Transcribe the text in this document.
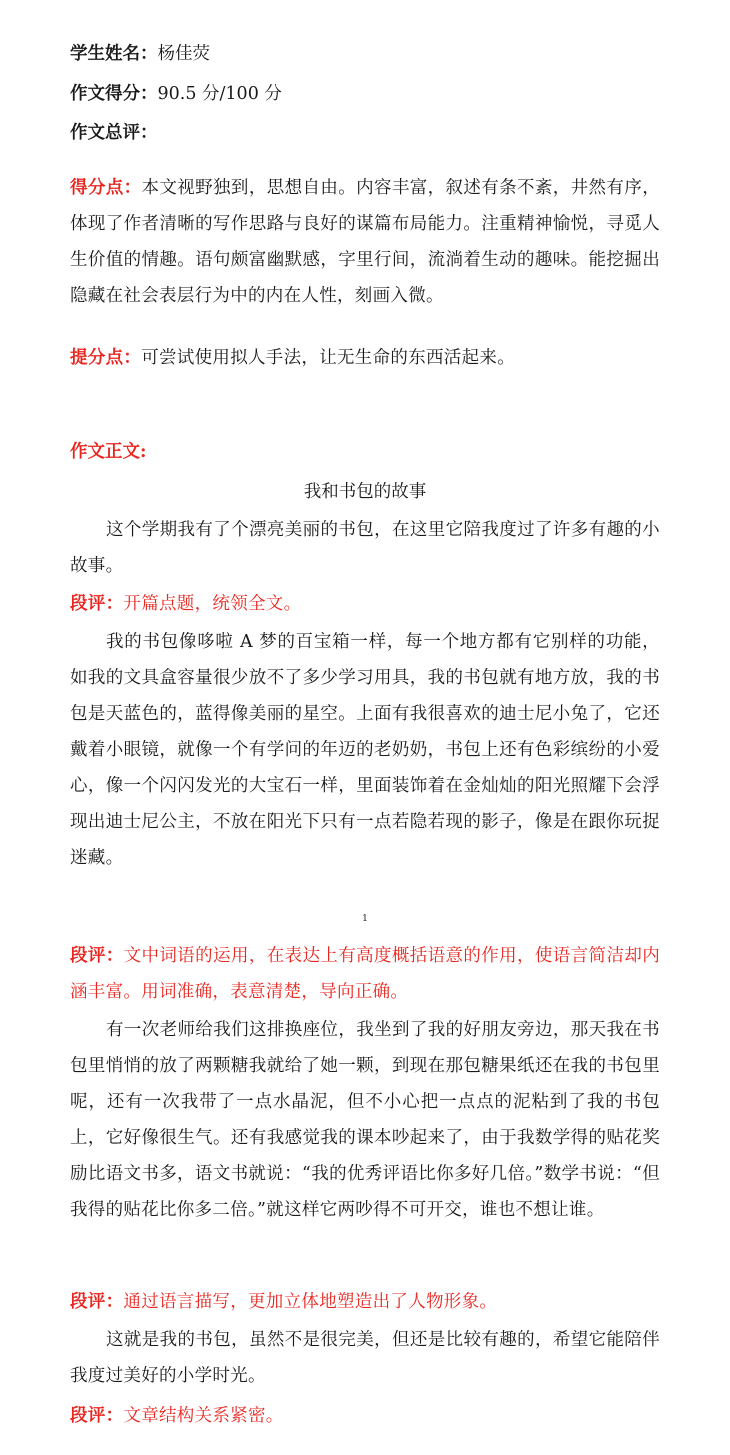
学生姓名：杨佳荧
作文得分：90.5 分/100 分
作文总评：
得分点：本文视野独到，思想自由。内容丰富，叙述有条不紊，井然有序，体现了作者清晰的写作思路与良好的谋篇布局能力。注重精神愉悦，寻觅人生价值的情趣。语句颇富幽默感，字里行间，流淌着生动的趣味。能挖掘出隐藏在社会表层行为中的内在人性，刻画入微。
提分点：可尝试使用拟人手法，让无生命的东西活起来。
作文正文:
我和书包的故事
这个学期我有了个漂亮美丽的书包，在这里它陪我度过了许多有趣的小故事。
段评：开篇点题，统领全文。
我的书包像哆啦 A 梦的百宝箱一样，每一个地方都有它别样的功能，如我的文具盒容量很少放不了多少学习用具，我的书包就有地方放，我的书包是天蓝色的，蓝得像美丽的星空。上面有我很喜欢的迪士尼小兔了，它还戴着小眼镜，就像一个有学问的年迈的老奶奶，书包上还有色彩缤纷的小爱心，像一个闪闪发光的大宝石一样，里面装饰着在金灿灿的阳光照耀下会浮现出迪士尼公主，不放在阳光下只有一点若隐若现的影子，像是在跟你玩捉迷藏。
1
段评：文中词语的运用，在表达上有高度概括语意的作用，使语言简洁却内涵丰富。用词准确，表意清楚，导向正确。
有一次老师给我们这排换座位，我坐到了我的好朋友旁边，那天我在书包里悄悄的放了两颗糖我就给了她一颗，到现在那包糖果纸还在我的书包里呢，还有一次我带了一点水晶泥，但不小心把一点点的泥粘到了我的书包上，它好像很生气。还有我感觉我的课本吵起来了，由于我数学得的贴花奖励比语文书多，语文书就说：“我的优秀评语比你多好几倍。”数学书说：“但我得的贴花比你多二倍。”就这样它两吵得不可开交，谁也不想让谁。
段评：通过语言描写，更加立体地塑造出了人物形象。
这就是我的书包，虽然不是很完美，但还是比较有趣的，希望它能陪伴我度过美好的小学时光。
段评：文章结构关系紧密。
